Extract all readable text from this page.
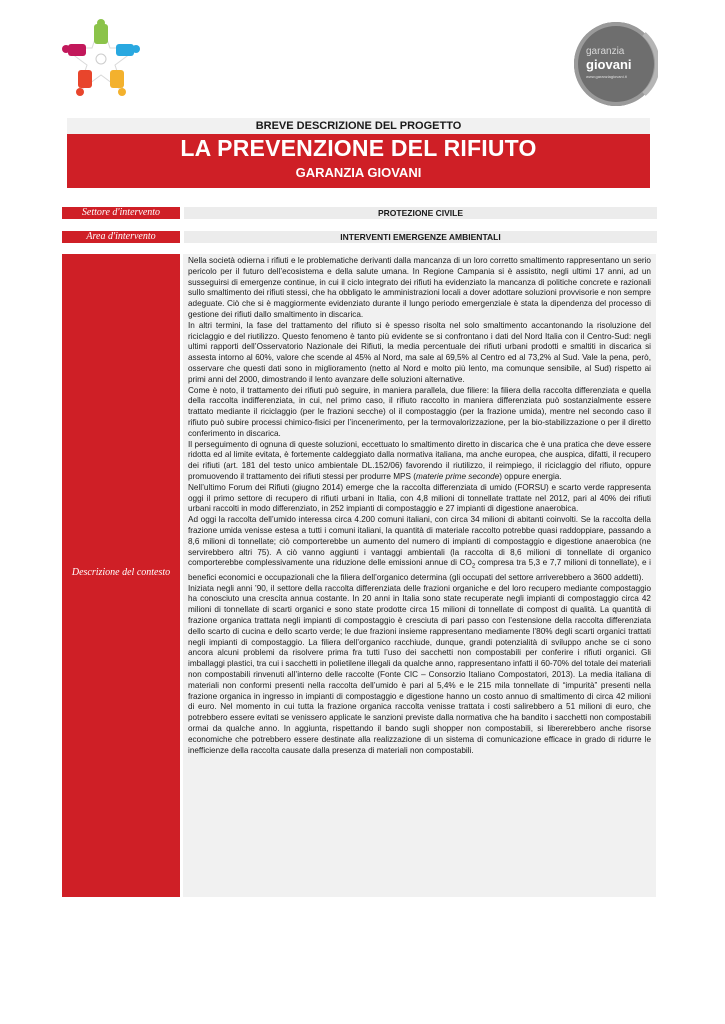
garanzia
giovani
www.garanziagiovani.it
BREVE DESCRIZIONE DEL PROGETTO
LA PREVENZIONE DEL RIFIUTO
GARANZIA GIOVANI
Settore d'intervento	PROTEZIONE CIVILE
Area d'intervento	INTERVENTI EMERGENZE AMBIENTALI
Descrizione del contesto

Nella società odierna i rifiuti e le problematiche derivanti dalla mancanza di un loro corretto smaltimento rappresentano un serio pericolo per il futuro dell’ecosistema e della salute umana. In Regione Campania si è assistito, negli ultimi 17 anni, ad un susseguirsi di emergenze continue, in cui il ciclo integrato dei rifiuti ha evidenziato la mancanza di politiche concrete e razionali sullo smaltimento dei rifiuti stessi, che ha obbligato le amministrazioni locali a dover adottare soluzioni provvisorie e non sempre adeguate. Ciò che si è maggiormente evidenziato durante il lungo periodo emergenziale è stata la dipendenza del processo di gestione dei rifiuti dallo smaltimento in discarica.

In altri termini, la fase del trattamento del rifiuto si è spesso risolta nel solo smaltimento accantonando la risoluzione del riciclaggio e del riutilizzo. Questo fenomeno è tanto più evidente se si confrontano i dati del Nord Italia con il Centro-Sud: negli ultimi rapporti dell’Osservatorio Nazionale dei Rifiuti, la media percentuale dei rifiuti urbani prodotti e smaltiti in discarica si assesta intorno al 60%, valore che scende al 45% al Nord, ma sale al 69,5% al Centro ed al 73,2% al Sud. Vale la pena, però, osservare che questi dati sono in miglioramento (netto al Nord e molto più lento, ma comunque sensibile, al Sud) rispetto ai primi anni del 2000, dimostrando il lento avanzare delle soluzioni alternative.

Come è noto, il trattamento dei rifiuti può seguire, in maniera parallela, due filiere: la filiera della raccolta differenziata e quella della raccolta indifferenziata, in cui, nel primo caso, il rifiuto raccolto in maniera differenziata può sostanzialmente essere trattato mediante il riciclaggio (per le frazioni secche) ol il compostaggio (per la frazione umida), mentre nel secondo caso il rifiuto può subire processi chimico-fisici per l’incenerimento, per la termovalorizzazione, per la bio-stabilizzazione o per il diretto conferimento in discarica.

Il perseguimento di ognuna di queste soluzioni, eccettuato lo smaltimento diretto in discarica che è una pratica che deve essere ridotta ed al limite evitata, è fortemente caldeggiato dalla normativa italiana, ma anche europea, che auspica, difatti, il recupero dei rifiuti (art. 181 del testo unico ambientale DL.152/06) favorendo il riutilizzo, il reimpiego, il riciclaggio del rifiuto, oppure promuovendo il trattamento dei rifiuti stessi per produrre MPS (materie prime seconde) oppure energia.

Nell’ultimo Forum dei Rifiuti (giugno 2014) emerge che la raccolta differenziata di umido (FORSU) e scarto verde rappresenta oggi il primo settore di recupero di rifiuti urbani in Italia, con 4,8 milioni di tonnellate trattate nel 2012, pari al 40% dei rifiuti urbani raccolti in modo differenziato, in 252 impianti di compostaggio e 27 impianti di digestione anaerobica.

Ad oggi la raccolta dell’umido interessa circa 4.200 comuni italiani, con circa 34 milioni di abitanti coinvolti. Se la raccolta della frazione umida venisse estesa a tutti i comuni italiani, la quantità di materiale raccolto potrebbe quasi raddoppiare, passando a 8,6 milioni di tonnellate; ciò comporterebbe un aumento del numero di impianti di compostaggio e digestione anaerobica (ne servirebbero altri 75). A ciò vanno aggiunti i vantaggi ambientali (la raccolta di 8,6 milioni di tonnellate di organico comporterebbe complessivamente una riduzione delle emissioni annue di $CO_2$ compresa tra 5,3 e 7,7 milioni di tonnellate), e i benefici economici e occupazionali che la filiera dell’organico determina (gli occupati del settore arriverebbero a 3600 addetti).

Iniziata negli anni ’90, il settore della raccolta differenziata delle frazioni organiche e del loro recupero mediante compostaggio ha conosciuto una crescita annua costante. In 20 anni in Italia sono state recuperate negli impianti di compostaggio circa 42 milioni di tonnellate di scarti organici e sono state prodotte circa 15 milioni di tonnellate di compost di qualità. La quantità di frazione organica trattata negli impianti di compostaggio è cresciuta di pari passo con l’estensione della raccolta differenziata dello scarto di cucina e dello scarto verde; le due frazioni insieme rappresentano mediamente l’80% degli scarti organici trattati negli impianti di compostaggio. La filiera dell’organico racchiude, dunque, grandi potenzialità di sviluppo anche se ci sono ancora alcuni problemi da risolvere prima fra tutti l’uso dei sacchetti non compostabili per conferire i rifiuti organici. Gli imballaggi plastici, tra cui i sacchetti in polietilene illegali da qualche anno, rappresentano infatti il 60-70% del totale dei materiali non compostabili rinvenuti all’interno delle raccolte (Fonte CIC – Consorzio Italiano Compostatori, 2013). La media italiana di materiali non conformi presenti nella raccolta dell’umido è pari al 5,4% e le 215 mila tonnellate di “impurità” presenti nella frazione organica in ingresso in impianti di compostaggio e digestione hanno un costo annuo di smaltimento di circa 42 milioni di euro. Nel momento in cui tutta la frazione organica raccolta venisse trattata i costi salirebbero a 51 milioni di euro, che potrebbero essere evitati se venissero applicate le sanzioni previste dalla normativa che ha bandito i sacchetti non compostabili ormai da qualche anno. In aggiunta, rispettando il bando sugli shopper non compostabili, si libererebbero anche risorse economiche che potrebbero essere destinate alla realizzazione di un sistema di comunicazione efficace in grado di ridurre le inefficienze della raccolta causate dalla presenza di materiali non compostabili.
